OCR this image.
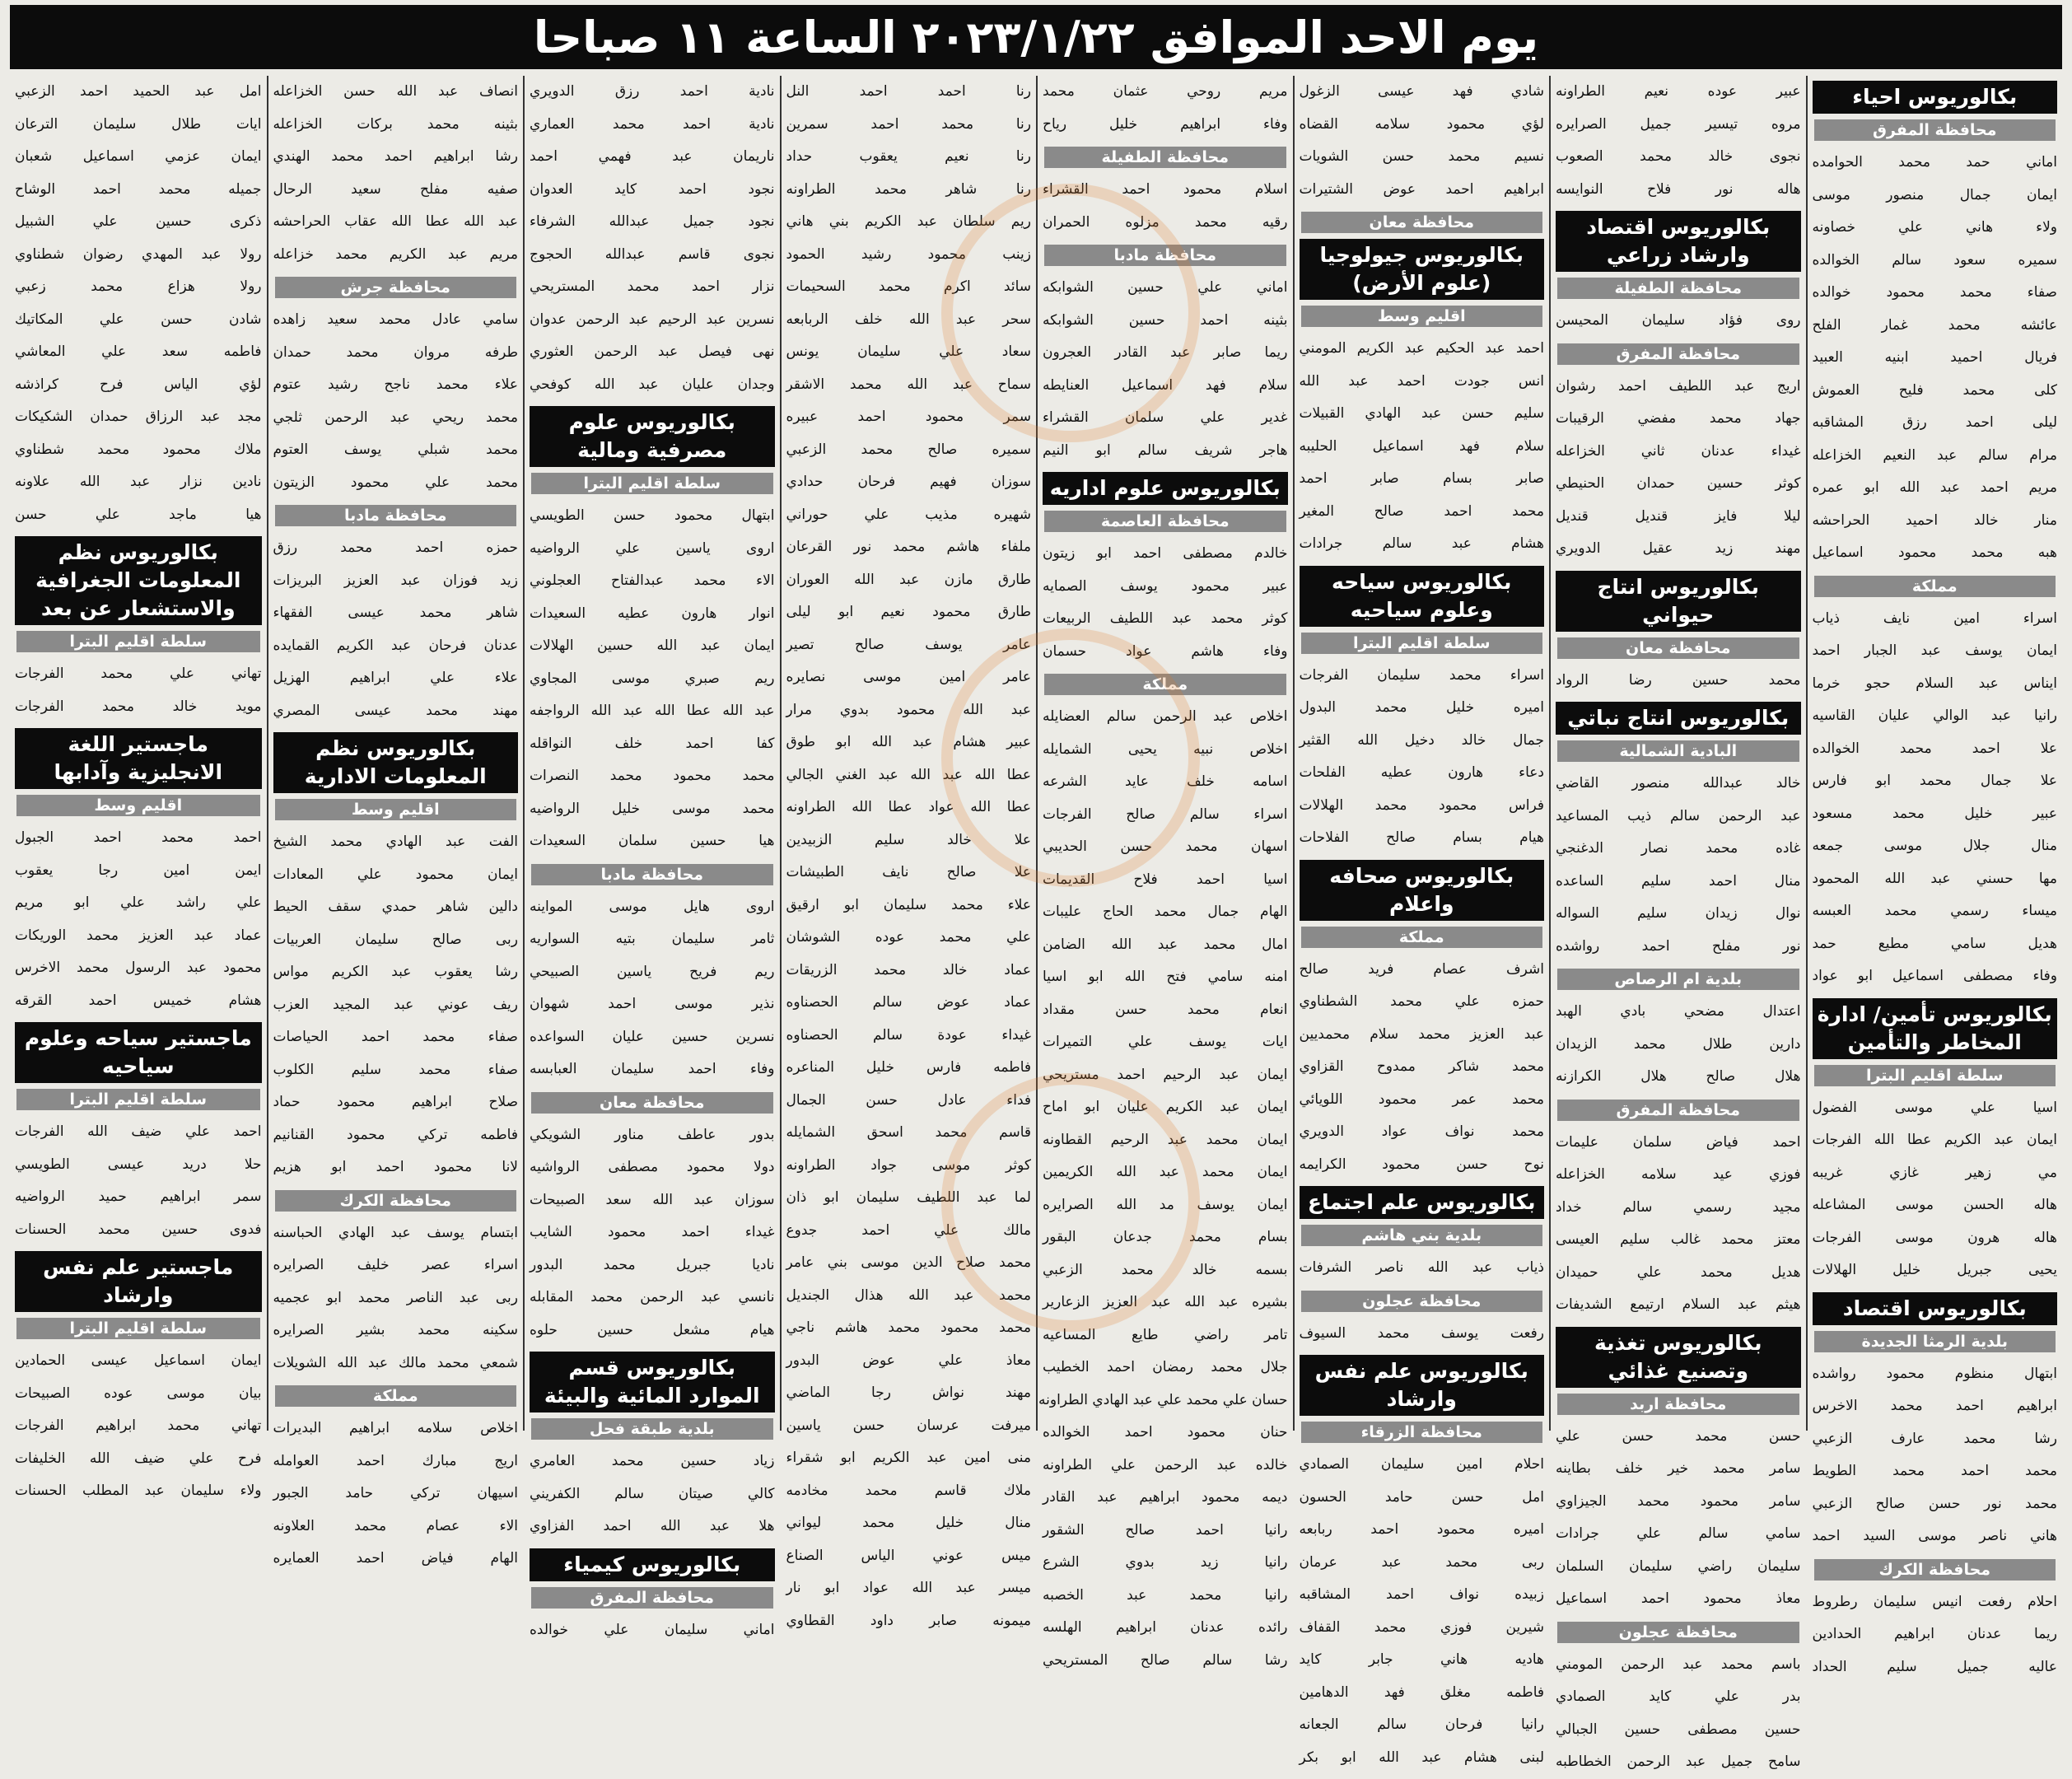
يوم الاحد الموافق ٢٠٢٣/١/٢٢ الساعة ١١ صباحا
بكالوريوس احياء
محافظة المفرق
اماني حمد محمد الحوامده
ايمان جمال منصور موسى
ولاء هاني علي خصاونه
سميره سعود سالم الخوالده
صفاء محمد محمود خوالده
عائشه محمد غمار الفلح
فريال احميد ابنيه العبيد
كلى محمد فليح العموش
ليلى احمد رزق المشاقبه
مرام سالم عبد النعيم الخزاعله
مريم احمد عبد الله ابو عمره
منار خالد احميد الحراحشه
هبه محمد محمود اسماعيل
مملكة
اسراء امين نايف ذياب
ايمان يوسف عبد الجبار احمد
ايناس عبد السلام حجو خرما
رانيا عبد الوالي عليان القاسيه
علا احمد محمد الخوالده
علا جمال محمد ابو فارس
عبير خليل محمد مسعود
منال جلال موسى جمعه
مها حسني عبد الله المحمود
ميساء رسمي محمد العبسه
هديل سامي مطيع حمد
وفاء مصطفى اسماعيل ابو عواد
بكالوريوس تأمين/ ادارة المخاطر والتأمين
سلطة اقليم البترا
اسيا علي موسى الفضول
ايمان عبد الكريم عطا الله الفرجات
مي زهير غازي غريبه
هاله الحسن موسى المشاعله
هاله هرون موسى الفرجات
يحيى جبريل خليل الهلالات
بكالوريوس اقتصاد
بلدية الرمثا الجديدة
ابتهال منظوم محمود رواشده
ابراهيم احمد محمد الاخرس
رشا محمد عارف الزعبي
محمد احمد محمد الطويط
محمد نور حسن صالح الزعبي
هاني ناصر موسى السيد احمد
محافظة الكرك
احلام رفعت انيس سليمان رطروط
ريما عدنان ابراهيم الحدادين
عاليه جميل سليم الحداد
عبير عوده نعيم الطراونه
مروه تيسير جميل الصرايره
نجوى خالد محمد الصعوب
هاله نور فلاح النوايسه
بكالوريوس اقتصاد وارشاد زراعي
محافظة الطفيلة
روى فؤاد سليمان المحيسن
محافظة المفرق
اريج عبد اللطيف احمد رشوان
جهاد محمد مفضي الرقيبات
غيداء عدنان ثاني الخزاعله
كوثر حسين حمدان الحنيطي
ليلا فايز قنديل قنديل
مهند زيد عقيل الدويري
بكالوريوس انتاج حيواني
محافظة معان
محمد حسين رضا الرواد
بكالوريوس انتاج نباتي
البادية الشمالية
خالد عبدالله منصور القاضي
عبد الرحمن سالم ذيب المساعيد
غاده محمد نصار الدغنجي
منال احمد سليم الساعده
نوال زيدان سليم السواله
نور مفلح احمد رواشده
بلدية ام الرصاص
اعتدال مضحي بادي الهبد
دارين طلال محمد الزيدان
هلال صالح هلال الكرازنه
محافظة المفرق
احمد فياض سلمان عليمات
فوزي عيد سلامه الخزاعله
مجيد رسمي سالم خداد
معتز محمد غالب سليم العيسى
هديل محمد علي حميدان
هيثم عبد السلام ارتيمع الشديفات
بكالوريوس تغذية وتصنيع غذائي
محافظة اربد
حسن محمد حسن علي
سامر محمد خير خلف بطاينه
سامر محمود محمد الجيزاوي
سامي سالم علي جرادات
سليمان راضي سليمان السلمان
معاذ محمود احمد اسماعيل
محافظة عجلون
باسم محمد عبد الرحمن المومني
بدر علي كايد الصمادي
حسين مصطفى حسين الجبالي
سامح جميل عبد الرحمن الخطاطبه
شادي فهد عيسى الزغول
لؤي محمود سلامه القضاه
نسيم محمد حسن الشويات
ابراهيم احمد عوض الشتيرات
محافظة معان
بكالوريوس جيولوجيا (علوم الأرض)
اقليم وسط
احمد عبد الحكيم عبد الكريم المومني
انس جودت احمد عبد الله
سليم حسن عبد الهادي القبيلات
سلام فهد اسماعيل الحليبه
صابر بسام صابر احمد
محمد احمد صالح المغير
هشام عبد سالم جرادات
بكالوريوس سياحه وعلوم سياحيه
سلطة اقليم البترا
اسراء محمد سليمان الفرجات
اميره خليل محمد البدول
جمال خالد دخيل الله القثير
دعاء هارون عطيه الفلحات
فراس محمود محمد الهلالات
هيام بسام صالح الفلاحات
بكالوريوس صحافه واعلام
مملكة
اشرف عصام فريد صالح
حمزه علي محمد الشطناوي
عبد العزيز محمد سلام محمديين
محمد شاكر ممدوح القزاوي
محمد عمر محمود اللويائي
محمد نواف عواد الدويري
نوح حسن محمود الكرايمه
بكالوريوس علم اجتماع
بلدية بني هاشم
ذياب عبد الله ناصر الشرفات
محافظة عجلون
رفعت يوسف محمد السيوف
بكالوريوس علم نفس وارشاد
محافظة الزرقاء
احلام امين سليمان الصمادي
امل حسن حامد الحسون
اميره محمود احمد ربابعه
ربى محمد عبد عرمان
زبيده نواف احمد المشاقبه
شيرين فوزي محمد القفاف
هاديه هاني جابر كايد
فاطمه مغلق فهد الدهامين
رانيا فرحان سالم الجعانه
لبنى هشام عبد الله ابو بكر
مريم روحي عثمان محمد
وفاء ابراهيم خليل رياح
محافظة الطفيلة
اسلام محمود احمد القشراء
رقيه محمد مزلوه الحمران
محافظة مادبا
اماني علي حسين الشوابكه
بثينه احمد حسين الشوابكه
ريما صابر عبد القادر العجرون
سلام فهد اسماعيل العنايطه
غدير علي سلمان القشراء
هاجر شريف سالم ابو النيم
بكالوريوس علوم اداريه
محافظة العاصمة
خالدم مصطفى احمد ابو زيتون
عبير محمود يوسف الصمايه
كوثر محمد عبد اللطيف الربيعات
وفاء هاشم عواد حسمان
مملكة
اخلاص عبد الرحمن سالم العضايله
اخلاص نبيه يحيى الشمايله
اسامه خلف عايد الشرعه
اسراء سالم صالح الفرجات
اسهان محمد حسن الحديبي
اسيا احمد فلاح القديمات
الهام جمال محمد الحاج عليبات
امال محمد عبد الله الضامن
امنه سامي فتح الله ابو اسيا
انعام محمد حسن مقداد
ايات يوسف علي التميرات
ايمان عبد الرحيم احمد مستريحي
ايمان عبد الكريم عليان ابو اماح
ايمان محمد عبد الرحيم القطاونه
ايمان محمد عبد الله الكريمين
ايمان يوسف مد الله الصرايره
بسام محمد جدعان البقور
بسمه خالد محمد الزعبي
بشيره عبد الله عبد العزيز الزعارير
تامر راضي طايع المساعيه
جلال محمد رمضان احمد الخطيب
حسان علي محمد علي عبد الهادي الطراونه
حنان محمود احمد الخوالده
خالده عبد الرحمن علي الطراونه
ديمه محمود ابراهيم عبد القادر
رانيا احمد صالح الشقور
رانيا زيد بدوي الشرع
رانيا محمد عبد الخصبه
رائده عدنان ابراهيم الهلسه
رشا سالم صالح المستريحي
رنا احمد احمد النل
رنا محمد احمد سمرين
رنا نعيم يعقوب حداد
رنا شاهر محمد الطراونه
ريم سلطان عبد الكريم بني هاني
زينب محمود رشيد الحمود
سائد اكرم محمد السحيمات
سحر عبد الله خلف الربابعه
سعاد علي سليمان يونس
سماح عبد الله محمد الاشقر
سمر محمود احمد عبيره
سميره صالح محمد الزعبي
سوزان فهيم فرحان حدادي
شهيره مذيب علي حوراني
ملفاء هاشم محمد نور القرعان
طارق مازن عبد الله العوران
طارق محمود نعيم ابو ليلى
عامر يوسف صالح تصير
عامر امين موسى نصايره
عبد الله محمود بدوي مرار
عبير هشام عبد الله ابو طوق
عطا الله عبد الله عبد الغني الجالي
عطا الله عواد عطا الله الطراونه
علا خالد سليم الزبيدين
علا صالح نايف الطبيشات
علاء محمد سليمان ابو ارقيق
علي محمد عوده الشوشان
عماد خالد محمد الزريقات
عماد عوض سالم الحصناوه
غيداء عودة سالم الحصناوه
فاطمه فارس خليل المناعره
فداء عادل حسن الجمال
قاسم محمد اسحق الشمايله
كوثر موسى جواد الطراونه
لما عبد اللطيف سليمان ابو ذان
مالك علي احمد جدوع
محمد صلاح الدين موسى بني عامر
محمد عبد الله هذال الجنديل
محمد محمود محمد هاشم ناجي
معاذ علي عوض البدور
مهند نواش رجا الماضي
ميرفت عرسان حسن ياسين
منى امين عبد الكريم ابو شقراء
ملاك قاسم محمد مخادمه
منال خليل محمد ليواني
ميس عوني الياس الصناع
ميسر عبد الله عواد ابو نار
ميمونه صابر داود القطاوي
نادية احمد رزق الدويري
نادية احمد محمد العماري
ناريمان عبد فهمي احمد
نجود احمد كايد العدوان
نجود جميل عبدالله الشرفاء
نجوى قاسم عبدالله الحجوج
نزار احمد محمد المستريحي
نسرين عبد الرحيم عبد الرحمن عدوان
نهى فيصل عبد الرحمن العثوري
وجدان عليان عبد الله كوفحي
بكالوريوس علوم مصرفية ومالية
سلطة اقليم البترا
ابتهال محمود حسن الطويسي
اروى ياسين علي الرواضيه
الاء محمد عبدالفتاح العجلوني
انوار هارون عطيه السعيدات
ايمان عبد الله حسين الهلالات
ريم صبري موسى المجاوي
عبد الله عطا الله عبد الله الرواجفه
كفا احمد خلف النواقله
محمد محمود محمد النصرات
محمد موسى خليل الرواضيه
هيا حسين سلمان السعيدات
محافظة مادبا
اروى هايل موسى المواينه
ثامر سليمان بتيه السواريه
ريم فريح ياسين الصبيحي
نذير موسى احمد شهوان
نسرين حسين عليان السواعده
وفاء احمد سليمان العبابسه
محافظة معان
بدور عاطف مناور الشويكي
دولا محمود مصطفى الرواشيه
سوزان عبد الله سعد الصبيحات
غيداء احمد محمود الشايب
ناديا جبريل محمد البدور
نانسي عبد الرحمن محمد المقابله
هيام مشعل حسين حلوه
بكالوريوس قسم الموارد المائية والبيئة
بلدية طبقة فحل
زياد حسين محمد العامري
كالي صيتان سالم الكفريني
هلا عبد الله احمد الفزاوي
بكالوريوس كيمياء
محافظة المفرق
اماني سليمان علي خوالده
انصاف عبد الله حسن الخزاعله
بثينه محمد بركات الخزاعله
رشا ابراهيم احمد محمد الهندي
صفيه مفلح سعيد الرحال
عبد الله عطا الله عقاب الحراحشه
مريم عبد الكريم محمد خزاعله
محافظة جرش
سامي عادل محمد سعيد زاهده
طرفه مروان محمد حمدان
علاء محمد ناجح رشيد عتوم
محمد ريحي عبد الرحمن ثلجي
محمد شبلي يوسف العتوم
محمد علي محمود الزيتون
محافظة مادبا
حمزه احمد محمد رزق
زيد فوزان عبد العزيز البريزات
شاهر محمد عيسى الفقهاء
عدنان فرحان عبد الكريم القمايده
علاء علي ابراهيم الهزيل
مهند محمد عيسى المصري
بكالوريوس نظم المعلومات الادارية
اقليم وسط
الفت عبد الهادي محمد الشيخ
ايمان محمود علي المعادات
دالين شاهر حمدي سقف الحيط
ربى صالح سليمان العربيات
رشا يعقوب عبد الكريم مواس
ريف عوني عبد المجيد العزب
صفاء محمد احمد الحياصات
صفاء محمد سليم الكلوب
صلاح ابراهيم محمود حماد
فاطمه تركي محمود القنانيم
لانا محمود احمد ابو هزيم
محافظة الكرك
ابتسام يوسف عبد الهادي الحباسنه
اسراء عصر خليف الصرايره
ربى عبد الناصر محمد ابو عجميه
سكينه محمد بشير الصرايره
شمعي محمد مالك عبد الله الشويلات
مملكة
اخلاص سلامه ابراهيم البديرات
اريج مبارك احمد العوامله
اسيهان تركي حامد الجبور
الاء عصام محمد العلاونه
الهام فياض احمد العمايره
امل عبد الحميد احمد الزعبي
ايات طلال سليمان الترعان
ايمان عزمي اسماعيل شعبان
جميله محمد احمد الوشاح
ذكرى حسين علي الشبيل
رولا عبد المهدي رضوان شطناوي
رولا هزاع محمد زعبي
شادن حسن علي المكاتيك
فاطمه سعد علي المعاشي
لؤي الياس فرح كراذشه
مجد عبد الرزاق حمدان الشكيكات
ملاك محمود محمد شطناوي
نادين نزار عبد الله علاونه
هيا ماجد علي حسن
بكالوريوس نظم المعلومات الجغرافية والاستشعار عن بعد
سلطة اقليم البترا
تهاني علي محمد الفرجات
مويد خالد محمد الفرجات
ماجستير اللغة الانجليزية وآدابها
اقليم وسط
احمد محمد احمد الجبول
ايمن امين رجا يعقوب
علي راشد علي ابو مريم
عماد عبد العزيز محمد الوريكات
محمود عبد الرسول محمد الاخرس
هشام خميس احمد القرقه
ماجستير سياحه وعلوم سياحيه
سلطة اقليم البترا
احمد علي ضيف الله الفرجات
حلا دريد عيسى الطويسي
سمر ابراهيم حميد الرواضيه
فدوى حسين محمد الحسنات
ماجستير علم نفس وارشاد
سلطة اقليم البترا
ايمان اسماعيل عيسى الحمادين
بيان موسى عوده الصبيحات
تهاني محمد ابراهيم الفرجات
فرح علي ضيف الله الخليفات
ولاء سليمان عبد المطلب الحسنات
